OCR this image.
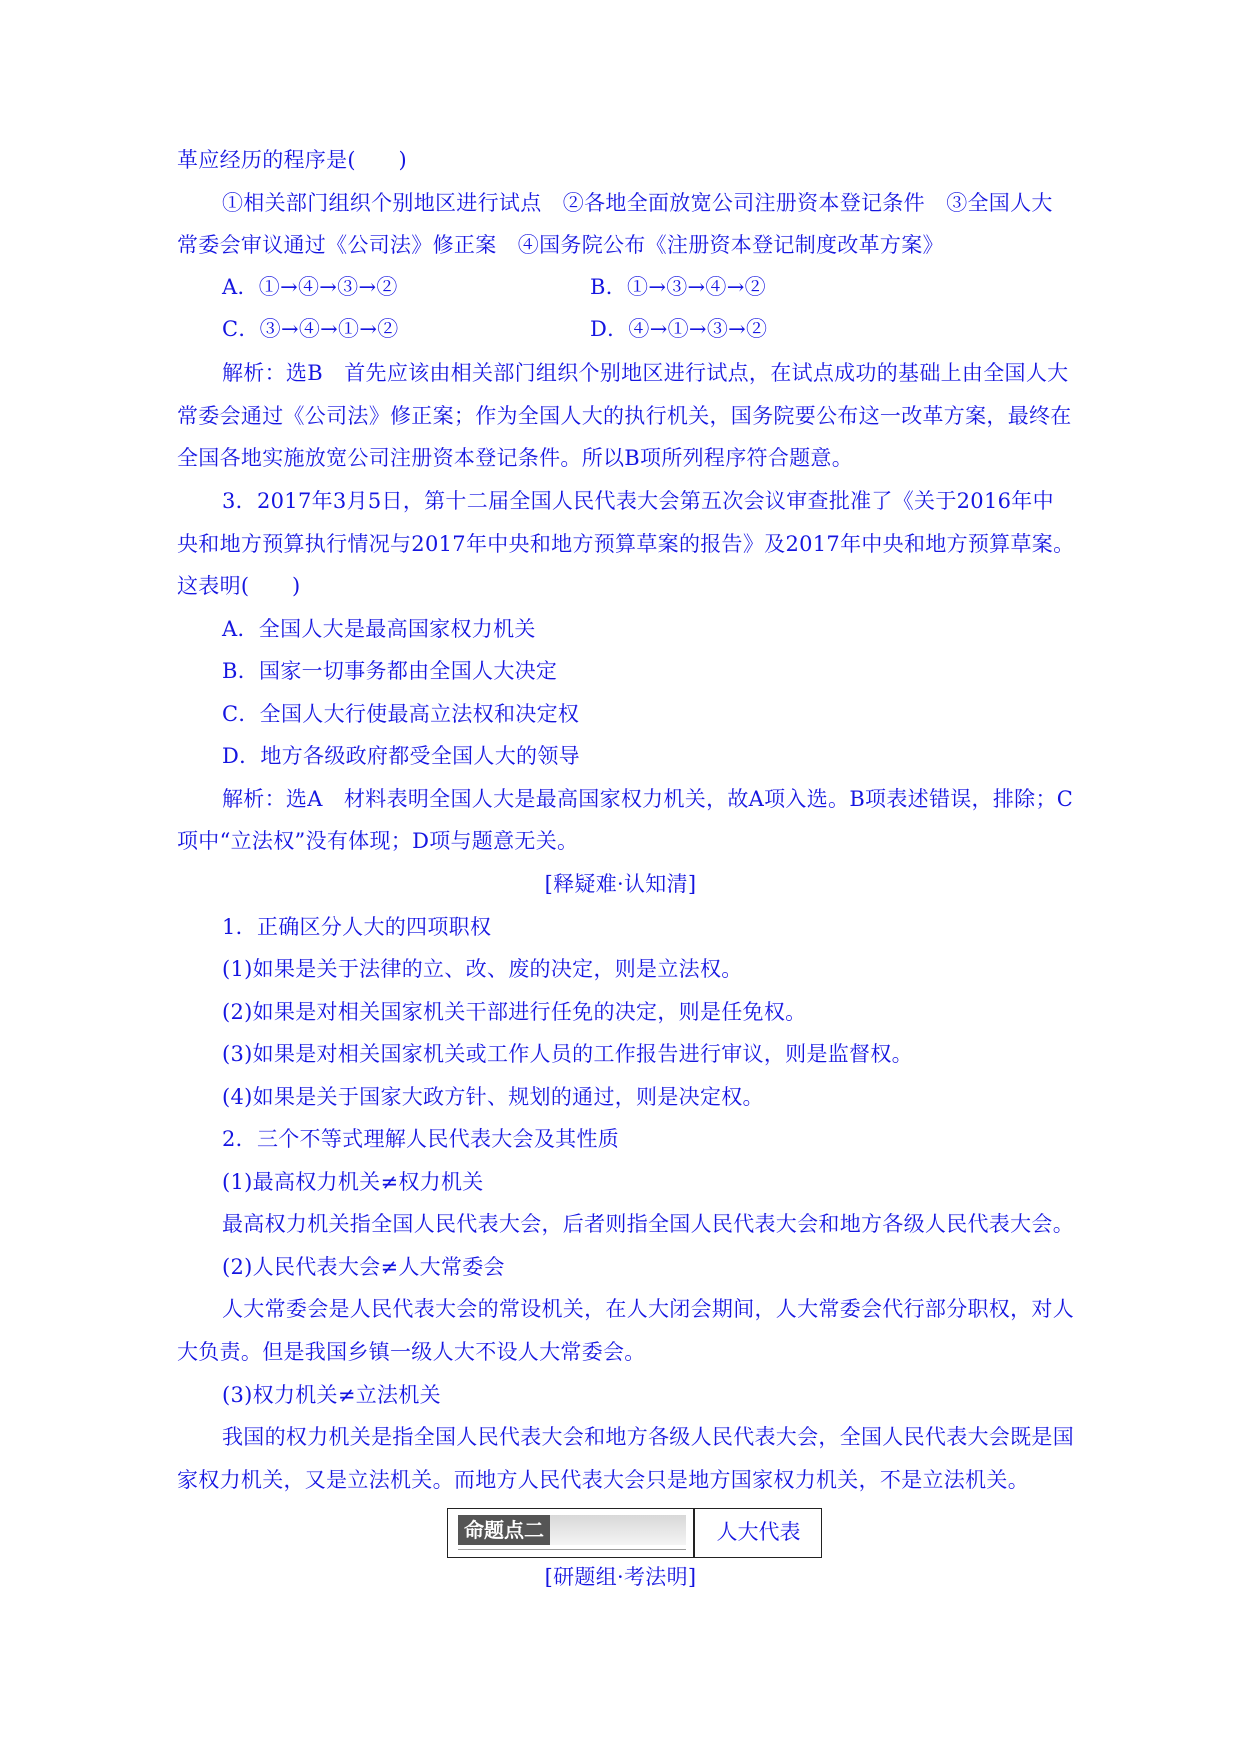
革应经历的程序是(　　)
①相关部门组织个别地区进行试点　②各地全面放宽公司注册资本登记条件　③全国人大
常委会审议通过《公司法》修正案　④国务院公布《注册资本登记制度改革方案》
A．①→④→③→②	B．①→③→④→②
C．③→④→①→②	D．④→①→③→②
解析：选B　首先应该由相关部门组织个别地区进行试点，在试点成功的基础上由全国人大
常委会通过《公司法》修正案；作为全国人大的执行机关，国务院要公布这一改革方案，最终在
全国各地实施放宽公司注册资本登记条件。所以B项所列程序符合题意。
3．2017年3月5日，第十二届全国人民代表大会第五次会议审查批准了《关于2016年中
央和地方预算执行情况与2017年中央和地方预算草案的报告》及2017年中央和地方预算草案。
这表明(　　)
A．全国人大是最高国家权力机关
B．国家一切事务都由全国人大决定
C．全国人大行使最高立法权和决定权
D．地方各级政府都受全国人大的领导
解析：选A　材料表明全国人大是最高国家权力机关，故A项入选。B项表述错误，排除；C
项中“立法权”没有体现；D项与题意无关。
[释疑难·认知清]
1．正确区分人大的四项职权
(1)如果是关于法律的立、改、废的决定，则是立法权。
(2)如果是对相关国家机关干部进行任免的决定，则是任免权。
(3)如果是对相关国家机关或工作人员的工作报告进行审议，则是监督权。
(4)如果是关于国家大政方针、规划的通过，则是决定权。
2．三个不等式理解人民代表大会及其性质
(1)最高权力机关≠权力机关
最高权力机关指全国人民代表大会，后者则指全国人民代表大会和地方各级人民代表大会。
(2)人民代表大会≠人大常委会
人大常委会是人民代表大会的常设机关，在人大闭会期间，人大常委会代行部分职权，对人
大负责。但是我国乡镇一级人大不设人大常委会。
(3)权力机关≠立法机关
我国的权力机关是指全国人民代表大会和地方各级人民代表大会，全国人民代表大会既是国
家权力机关，又是立法机关。而地方人民代表大会只是地方国家权力机关，不是立法机关。
命题点二	人大代表
[研题组·考法明]
